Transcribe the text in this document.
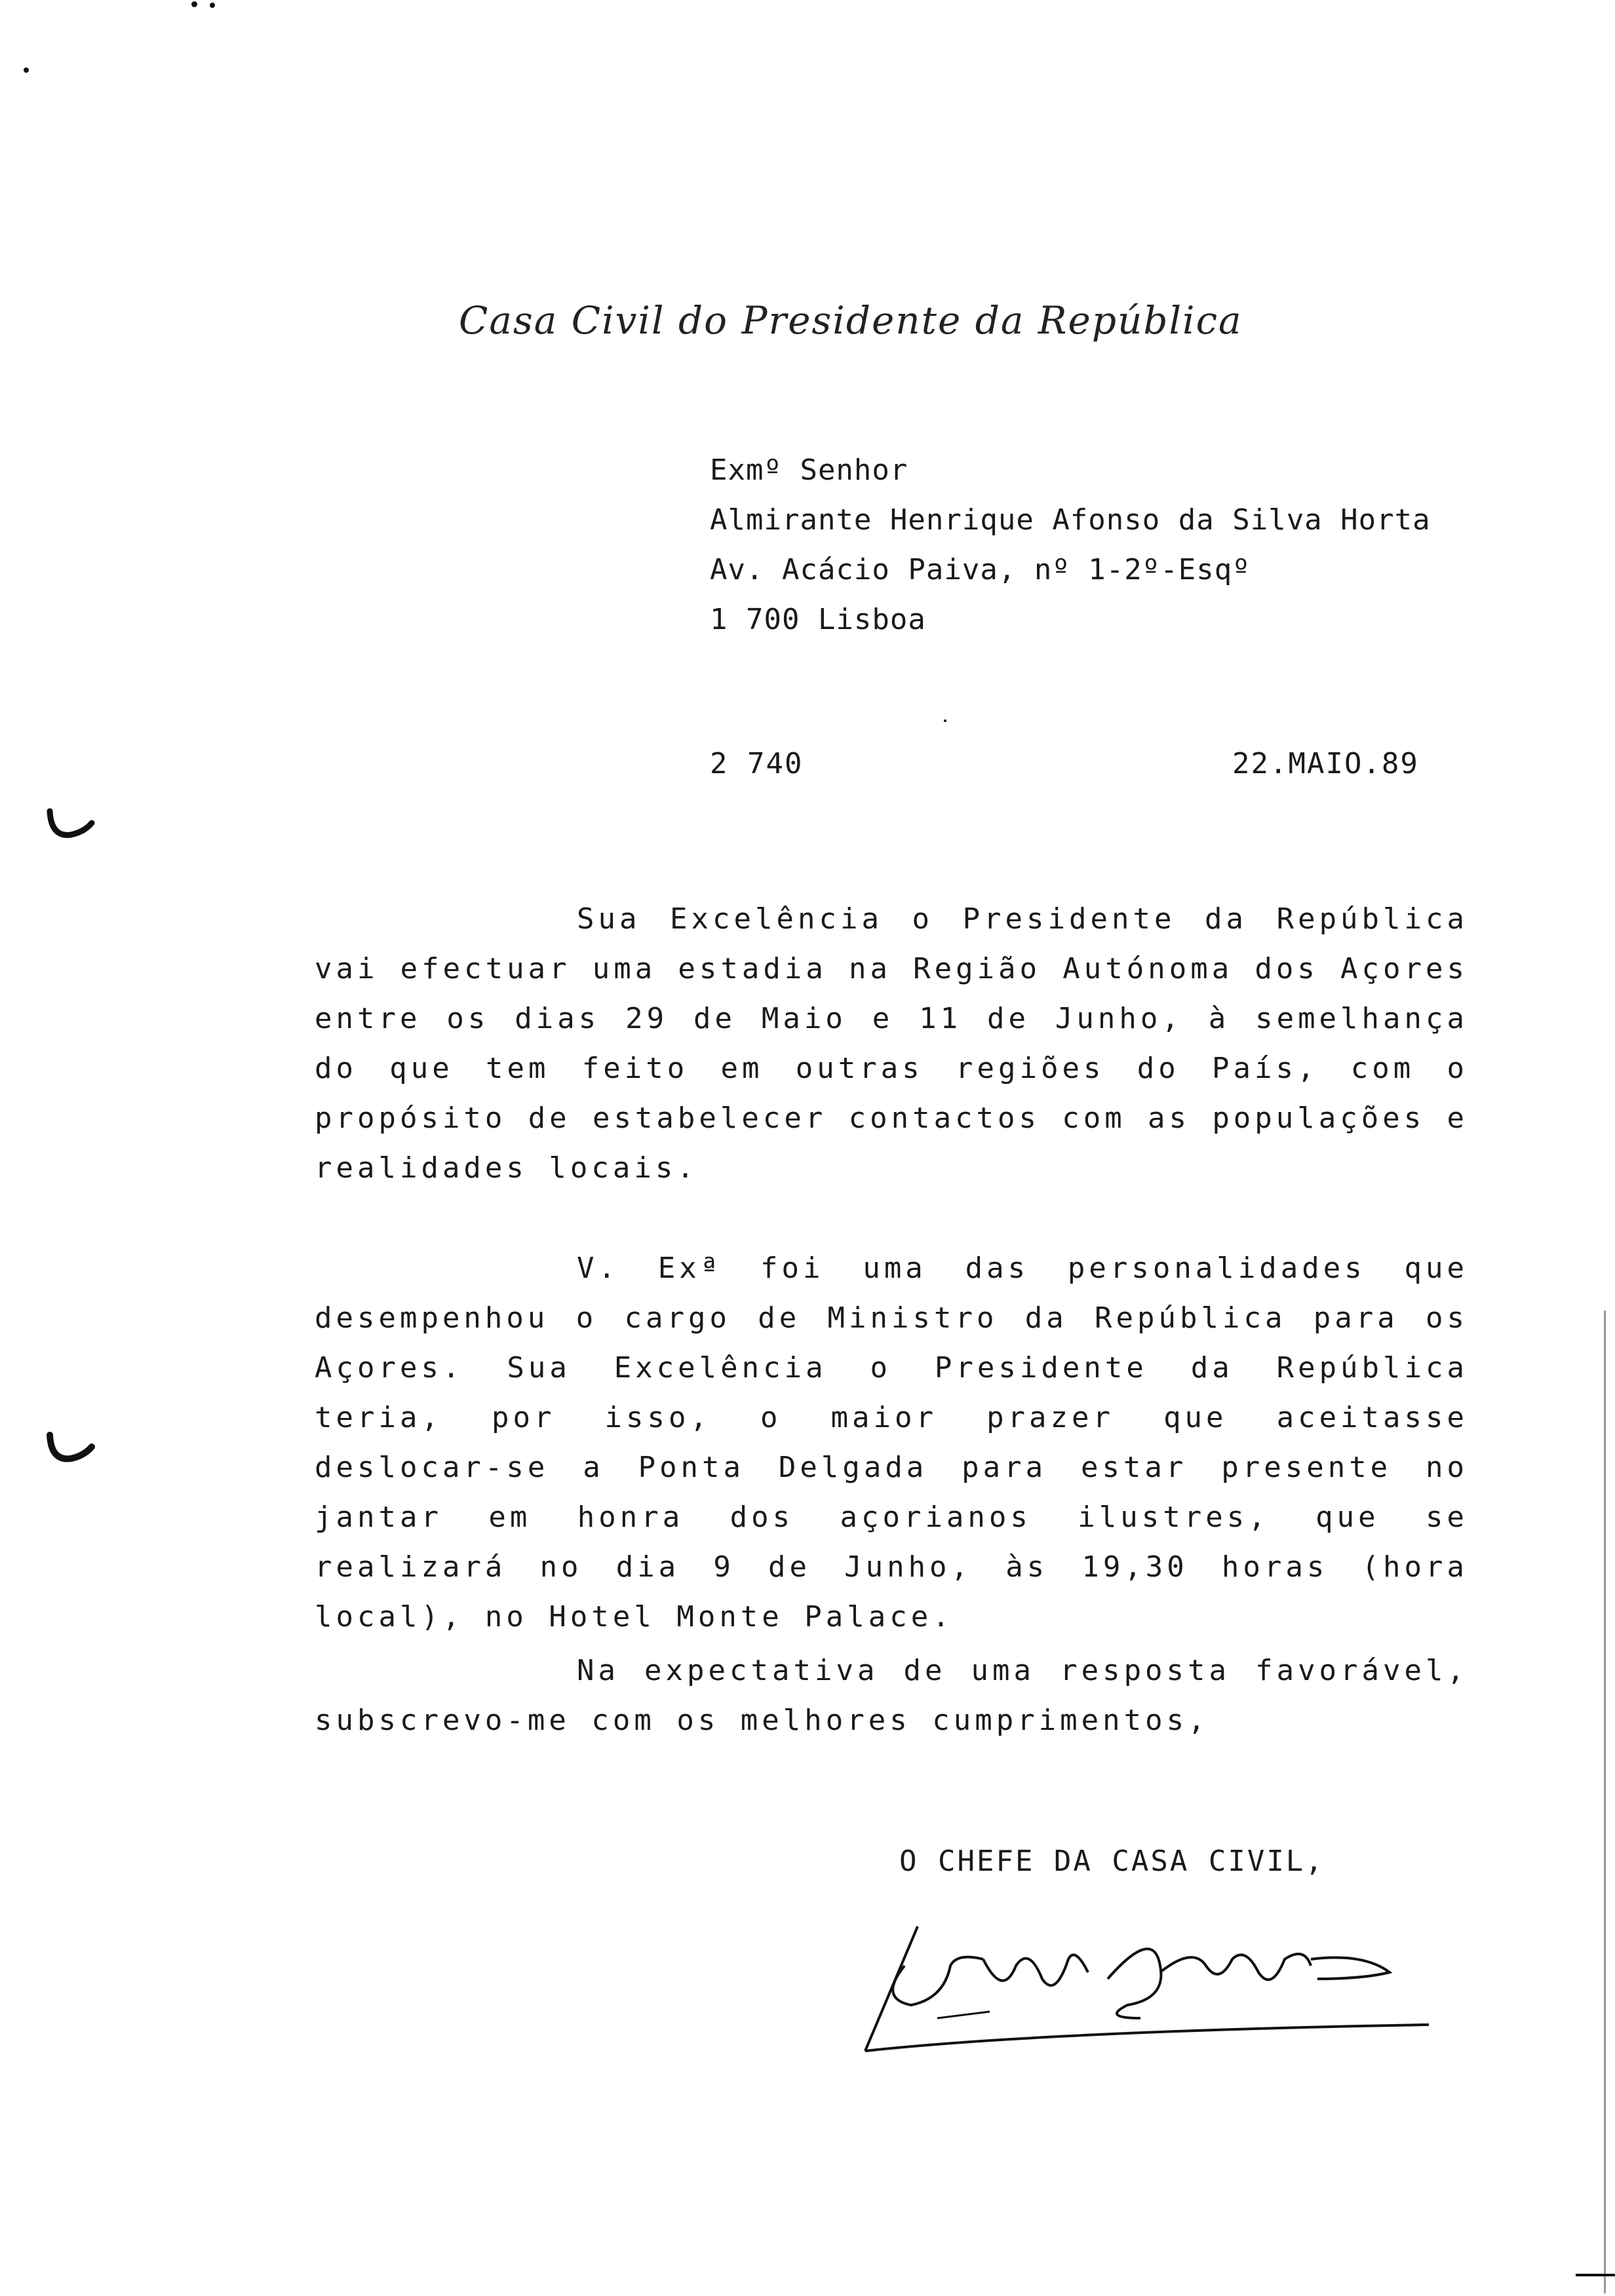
Casa Civil do Presidente da República
Exmº Senhor
Almirante Henrique Afonso da Silva Horta
Av. Acácio Paiva, nº 1-2º-Esqº
1 700 Lisboa
2 740	22.MAIO.89

Sua Excelência o Presidente da República vai efectuar uma estadia na Região Autónoma dos Açores entre os dias 29 de Maio e 11 de Junho, à semelhança do que tem feito em outras regiões do País, com o propósito de estabelecer contactos com as populações e realidades locais.

V. Exª foi uma das personalidades que desempenhou o cargo de Ministro da República para os Açores. Sua Excelência o Presidente da República teria, por isso, o maior prazer que aceitasse deslocar-se a Ponta Delgada para estar presente no jantar em honra dos açorianos ilustres, que se realizará no dia 9 de Junho, às 19,30 horas (hora local), no Hotel Monte Palace.

Na expectativa de uma resposta favorável, subscrevo-me com os melhores cumprimentos,

O CHEFE DA CASA CIVIL,
